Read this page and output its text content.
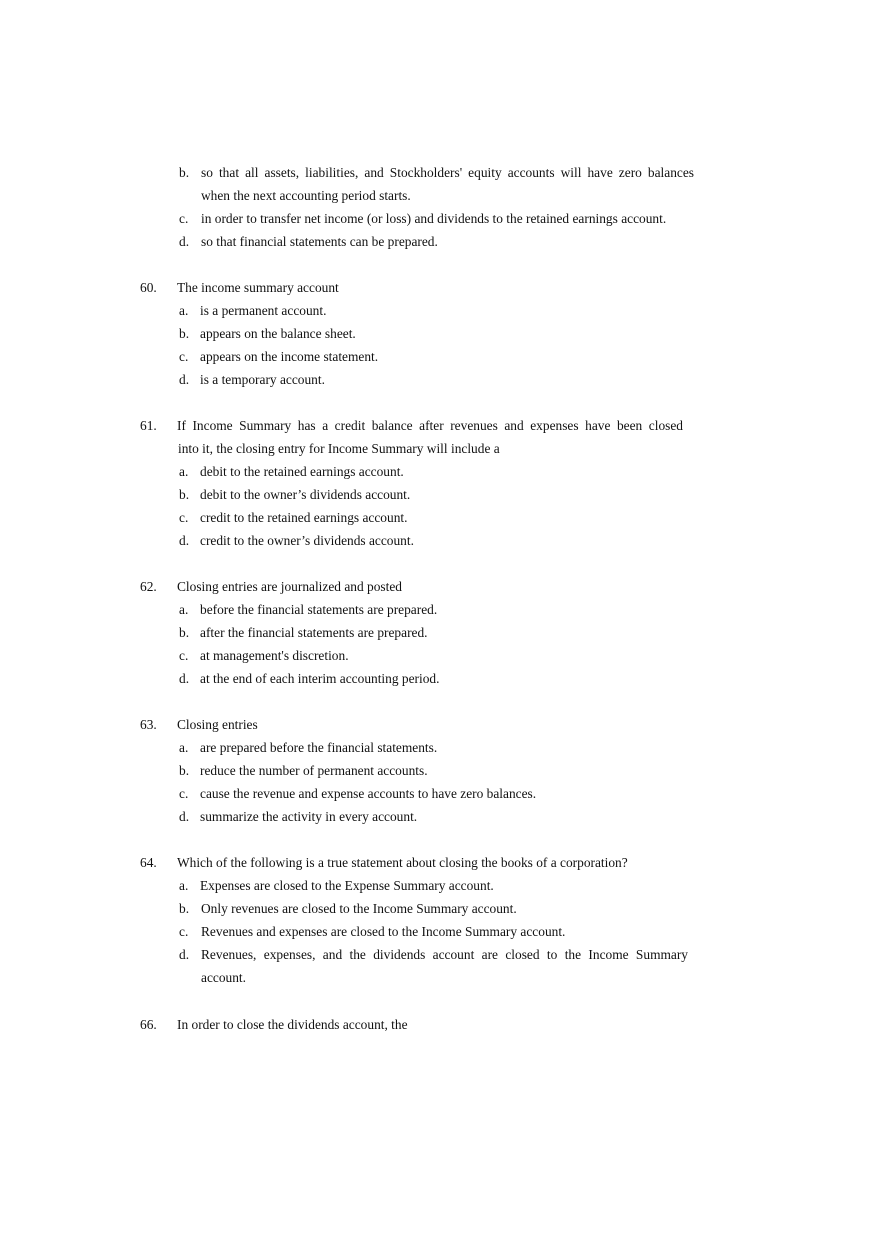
b. so that all assets, liabilities, and Stockholders' equity accounts will have zero balances
when the next accounting period starts.
c. in order to transfer net income (or loss) and dividends to the retained earnings account.
d. so that financial statements can be prepared.
60. The income summary account
a. is a permanent account.
b. appears on the balance sheet.
c. appears on the income statement.
d. is a temporary account.
61. If Income Summary has a credit balance after revenues and expenses have been closed
into it, the closing entry for Income Summary will include a
a. debit to the retained earnings account.
b. debit to the owner’s dividends account.
c. credit to the retained earnings account.
d. credit to the owner’s dividends account.
62. Closing entries are journalized and posted
a. before the financial statements are prepared.
b. after the financial statements are prepared.
c. at management's discretion.
d. at the end of each interim accounting period.
63. Closing entries
a. are prepared before the financial statements.
b. reduce the number of permanent accounts.
c. cause the revenue and expense accounts to have zero balances.
d. summarize the activity in every account.
64. Which of the following is a true statement about closing the books of a corporation?
a. Expenses are closed to the Expense Summary account.
b. Only revenues are closed to the Income Summary account.
c. Revenues and expenses are closed to the Income Summary account.
d. Revenues, expenses, and the dividends account are closed to the Income Summary
account.
66. In order to close the dividends account, the
